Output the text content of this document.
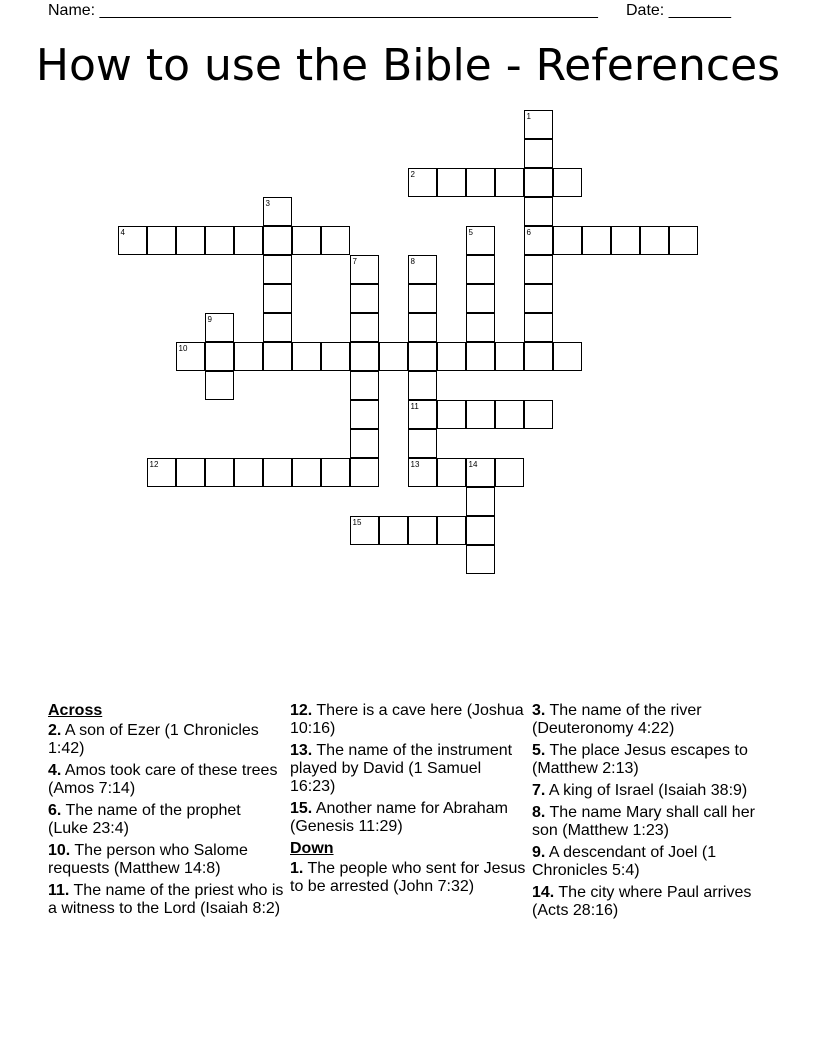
Name: ________________________________________________________ Date: _______
How to use the Bible - References
1
6
2
3
4	5
7	8
11
13
9
10
12	14
15
Across
2. A son of Ezer (1 Chronicles 1:42)
4. Amos took care of these trees (Amos 7:14)
6. The name of the prophet (Luke 23:4)
10. The person who Salome requests (Matthew 14:8)
11. The name of the priest who is a witness to the Lord (Isaiah 8:2)
12. There is a cave here (Joshua 10:16)
13. The name of the instrument played by David (1 Samuel 16:23)
15. Another name for Abraham (Genesis 11:29)
Down
1. The people who sent for Jesus to be arrested (John 7:32)
3. The name of the river (Deuteronomy 4:22)
5. The place Jesus escapes to (Matthew 2:13)
7. A king of Israel (Isaiah 38:9)
8. The name Mary shall call her son (Matthew 1:23)
9. A descendant of Joel (1 Chronicles 5:4)
14. The city where Paul arrives (Acts 28:16)
